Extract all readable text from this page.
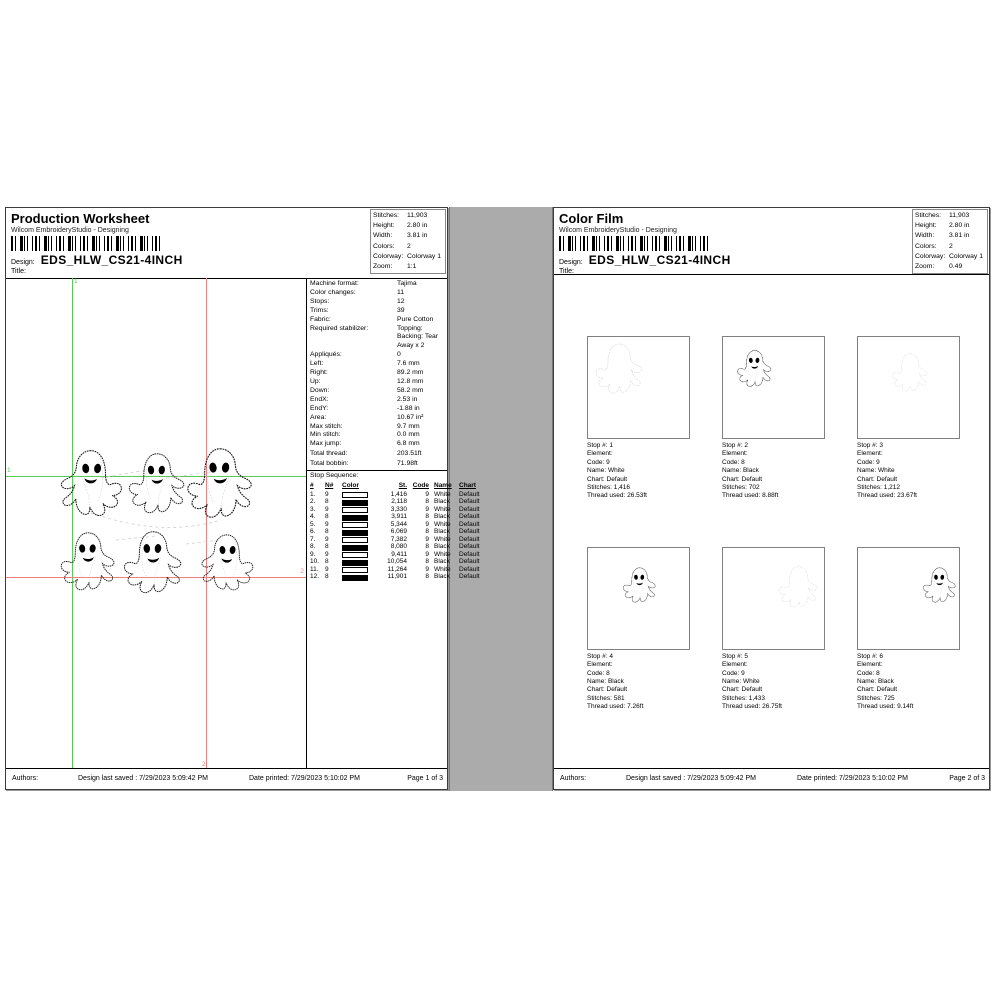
Production Worksheet
Wilcom EmbroideryStudio - Designing
Design: EDS_HLW_CS21-4INCH
Title:
Stitches:	11,903
Height:	2.80 in
Width:	3.81 in
Colors:	2
Colorway: Colorway 1
Zoom:	1:1
1
1
2
2
Machine format:	Tajima
Color changes:	11
Stops:	12
Trims:	39
Fabric:	Pure Cotton
Required stabilizer:	Topping:
Backing: Tear Away x 2
Appliqués:	0
Left:	7.6 mm
Right:	89.2 mm
Up:	12.8 mm
Down:	58.2 mm
EndX:	2.53 in
EndY:	-1.88 in
Area:	10.67 in²
Max stitch:	9.7 mm
Min stitch:	0.0 mm
Max jump:	6.8 mm
Total thread:	203.51ft
Total bobbin:	71.98ft
Stop Sequence:
#	N#	Color	St. Code Name	Chart
1.	9	1,416	9 White	Default
2.	8	2,118	8 Black	Default
3.	9	3,330	9 White	Default
4.	8	3,911	8 Black	Default
5.	9	5,344	9 White	Default
6.	8	6,069	8 Black	Default
7.	9	7,382	9 White	Default
8.	8	8,080	8 Black	Default
9.	9	9,411	9 White	Default
10. 8	10,054	8 Black	Default
11. 9	11,264	9 White	Default
12. 8	11,901	8 Black	Default
Authors:	Design last saved : 7/29/2023 5:09:42 PM	Date printed: 7/29/2023 5:10:02 PM	Page 1 of 3
Color Film
Wilcom EmbroideryStudio - Designing
Design: EDS_HLW_CS21-4INCH
Title:
Stitches:	11,903
Height:	2.80 in
Width:	3.81 in
Colors:	2
Colorway: Colorway 1
Zoom:	0.49
Stop #: 1
Element:
Code: 9
Name: White
Chart: Default
Stitches: 1,416
Thread used: 26.53ft
Stop #: 2
Element:
Code: 8
Name: Black
Chart: Default
Stitches: 702
Thread used: 8.88ft
Stop #: 3
Element:
Code: 9
Name: White
Chart: Default
Stitches: 1,212
Thread used: 23.67ft
Stop #: 4
Element:
Code: 8
Name: Black
Chart: Default
Stitches: 581
Thread used: 7.26ft
Stop #: 5
Element:
Code: 9
Name: White
Chart: Default
Stitches: 1,433
Thread used: 26.75ft
Stop #: 6
Element:
Code: 8
Name: Black
Chart: Default
Stitches: 725
Thread used: 9.14ft
Authors:	Design last saved : 7/29/2023 5:09:42 PM	Date printed: 7/29/2023 5:10:02 PM	Page 2 of 3
